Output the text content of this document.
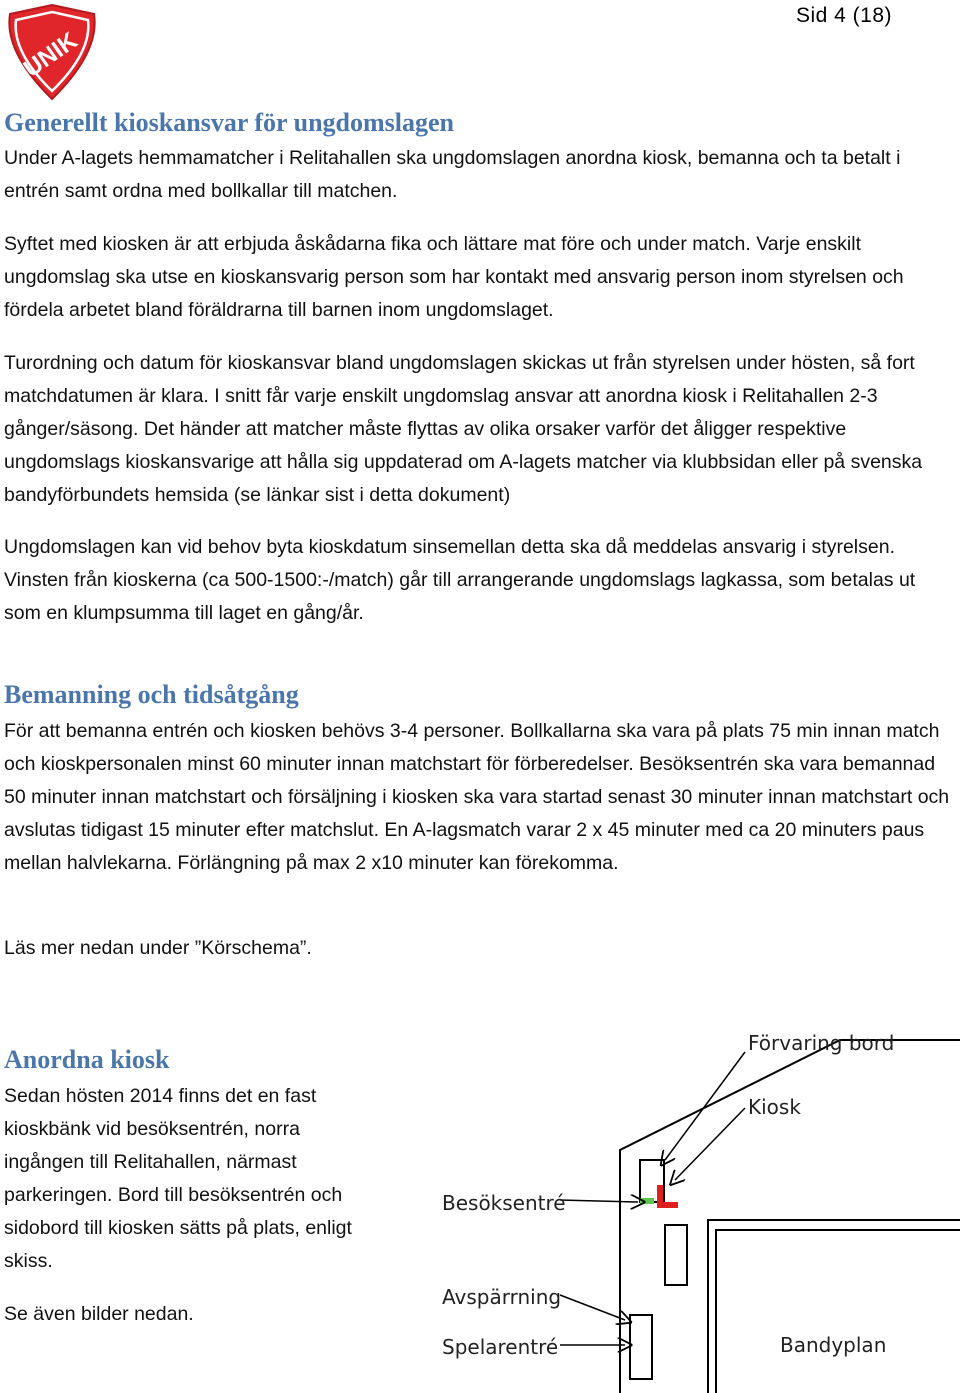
UNIK
Sid 4 (18)
Generellt kioskansvar för ungdomslagen

Under A-lagets hemmamatcher i Relitahallen ska ungdomslagen anordna kiosk, bemanna och ta betalt i entrén samt ordna med bollkallar till matchen.

Syftet med kiosken är att erbjuda åskådarna fika och lättare mat före och under match. Varje enskilt ungdomslag ska utse en kioskansvarig person som har kontakt med ansvarig person inom styrelsen och fördela arbetet bland föräldrarna till barnen inom ungdomslaget.

Turordning och datum för kioskansvar bland ungdomslagen skickas ut från styrelsen under hösten, så fort matchdatumen är klara. I snitt får varje enskilt ungdomslag ansvar att anordna kiosk i Relitahallen 2-3 gånger/säsong. Det händer att matcher måste flyttas av olika orsaker varför det åligger respektive ungdomslags kioskansvarige att hålla sig uppdaterad om A-lagets matcher via klubbsidan eller på svenska bandyförbundets hemsida (se länkar sist i detta dokument)

Ungdomslagen kan vid behov byta kioskdatum sinsemellan detta ska då meddelas ansvarig i styrelsen. Vinsten från kioskerna (ca 500-1500:-/match) går till arrangerande ungdomslags lagkassa, som betalas ut som en klumpsumma till laget en gång/år.

Bemanning och tidsåtgång

För att bemanna entrén och kiosken behövs 3-4 personer. Bollkallarna ska vara på plats 75 min innan match och kioskpersonalen minst 60 minuter innan matchstart för förberedelser. Besöksentrén ska vara bemannad 50 minuter innan matchstart och försäljning i kiosken ska vara startad senast 30 minuter innan matchstart och avslutas tidigast 15 minuter efter matchslut. En A-lagsmatch varar 2 x 45 minuter med ca 20 minuters paus mellan halvlekarna. Förlängning på max 2 x10 minuter kan förekomma.

Läs mer nedan under ”Körschema”.

Anordna kiosk

Sedan hösten 2014 finns det en fast kioskbänk vid besöksentrén, norra ingången till Relitahallen, närmast parkeringen. Bord till besöksentrén och sidobord till kiosken sätts på plats, enligt skiss.

Se även bilder nedan.

Förvaring bord
Kiosk
Besöksentré
Avspärrning
Spelarentré	Bandyplan
